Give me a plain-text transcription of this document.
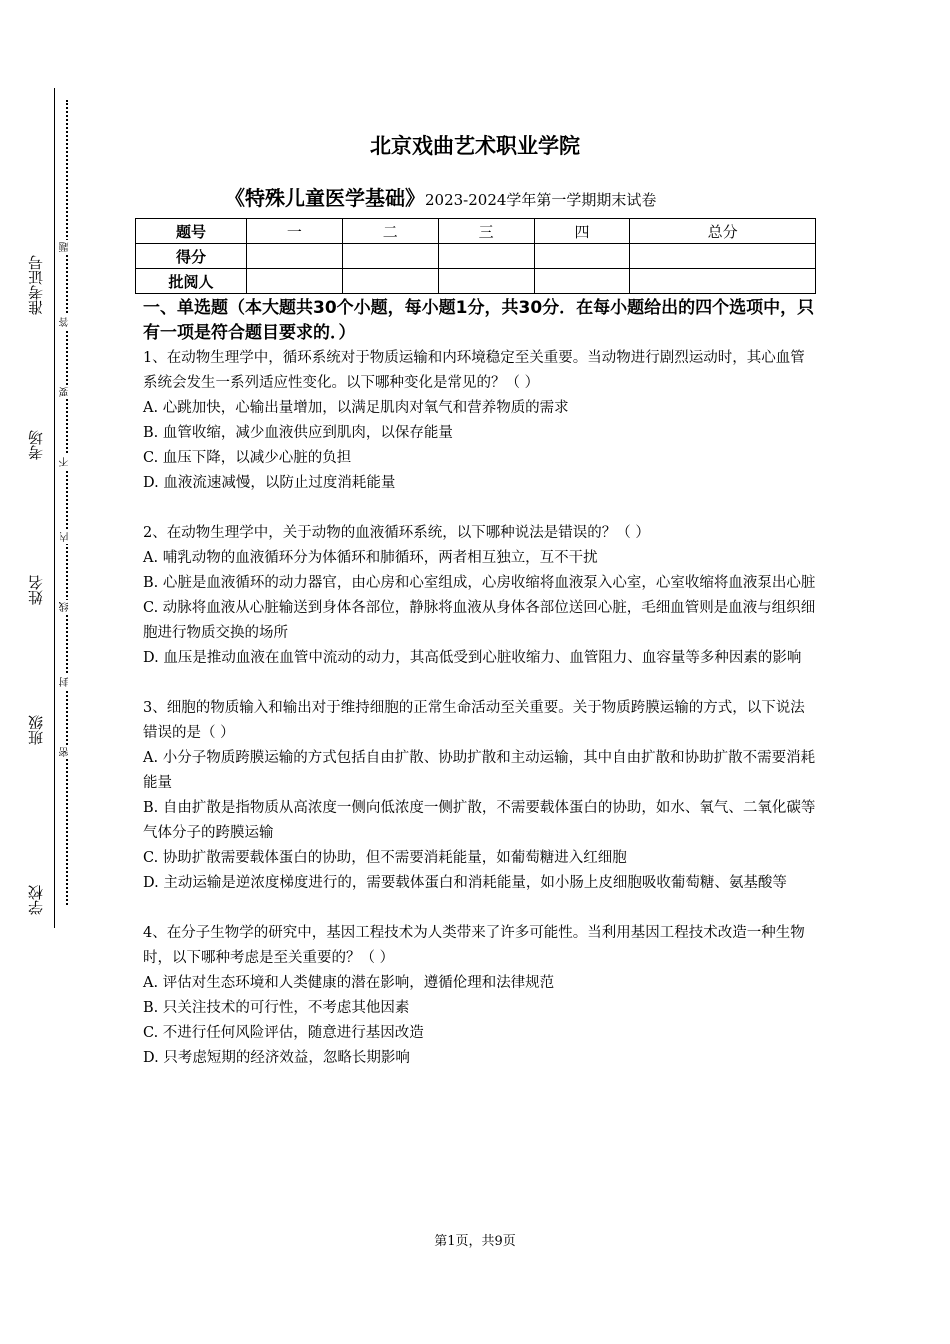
准考证号
考场
姓名
班级
学校
题
答
要
不
内
线
封
密
北京戏曲艺术职业学院
《特殊儿童医学基础》2023-2024学年第一学期期末试卷
题号	一	二	三	四	总分
得分					
批阅人					

一、单选题（本大题共30个小题，每小题1分，共30分．在每小题给出的四个选项中，只有一项是符合题目要求的．）

1、在动物生理学中，循环系统对于物质运输和内环境稳定至关重要。当动物进行剧烈运动时，其心血管系统会发生一系列适应性变化。以下哪种变化是常见的？（ ）

A. 心跳加快，心输出量增加，以满足肌肉对氧气和营养物质的需求

B. 血管收缩，减少血液供应到肌肉，以保存能量

C. 血压下降，以减少心脏的负担

D. 血液流速减慢，以防止过度消耗能量

2、在动物生理学中，关于动物的血液循环系统，以下哪种说法是错误的？（ ）

A. 哺乳动物的血液循环分为体循环和肺循环，两者相互独立，互不干扰

B. 心脏是血液循环的动力器官，由心房和心室组成，心房收缩将血液泵入心室，心室收缩将血液泵出心脏

C. 动脉将血液从心脏输送到身体各部位，静脉将血液从身体各部位送回心脏，毛细血管则是血液与组织细胞进行物质交换的场所

D. 血压是推动血液在血管中流动的动力，其高低受到心脏收缩力、血管阻力、血容量等多种因素的影响

3、细胞的物质输入和输出对于维持细胞的正常生命活动至关重要。关于物质跨膜运输的方式，以下说法错误的是（ ）

A. 小分子物质跨膜运输的方式包括自由扩散、协助扩散和主动运输，其中自由扩散和协助扩散不需要消耗能量

B. 自由扩散是指物质从高浓度一侧向低浓度一侧扩散，不需要载体蛋白的协助，如水、氧气、二氧化碳等气体分子的跨膜运输

C. 协助扩散需要载体蛋白的协助，但不需要消耗能量，如葡萄糖进入红细胞

D. 主动运输是逆浓度梯度进行的，需要载体蛋白和消耗能量，如小肠上皮细胞吸收葡萄糖、氨基酸等

4、在分子生物学的研究中，基因工程技术为人类带来了许多可能性。当利用基因工程技术改造一种生物时，以下哪种考虑是至关重要的？（ ）

A. 评估对生态环境和人类健康的潜在影响，遵循伦理和法律规范

B. 只关注技术的可行性，不考虑其他因素

C. 不进行任何风险评估，随意进行基因改造

D. 只考虑短期的经济效益，忽略长期影响

第1页，共9页
